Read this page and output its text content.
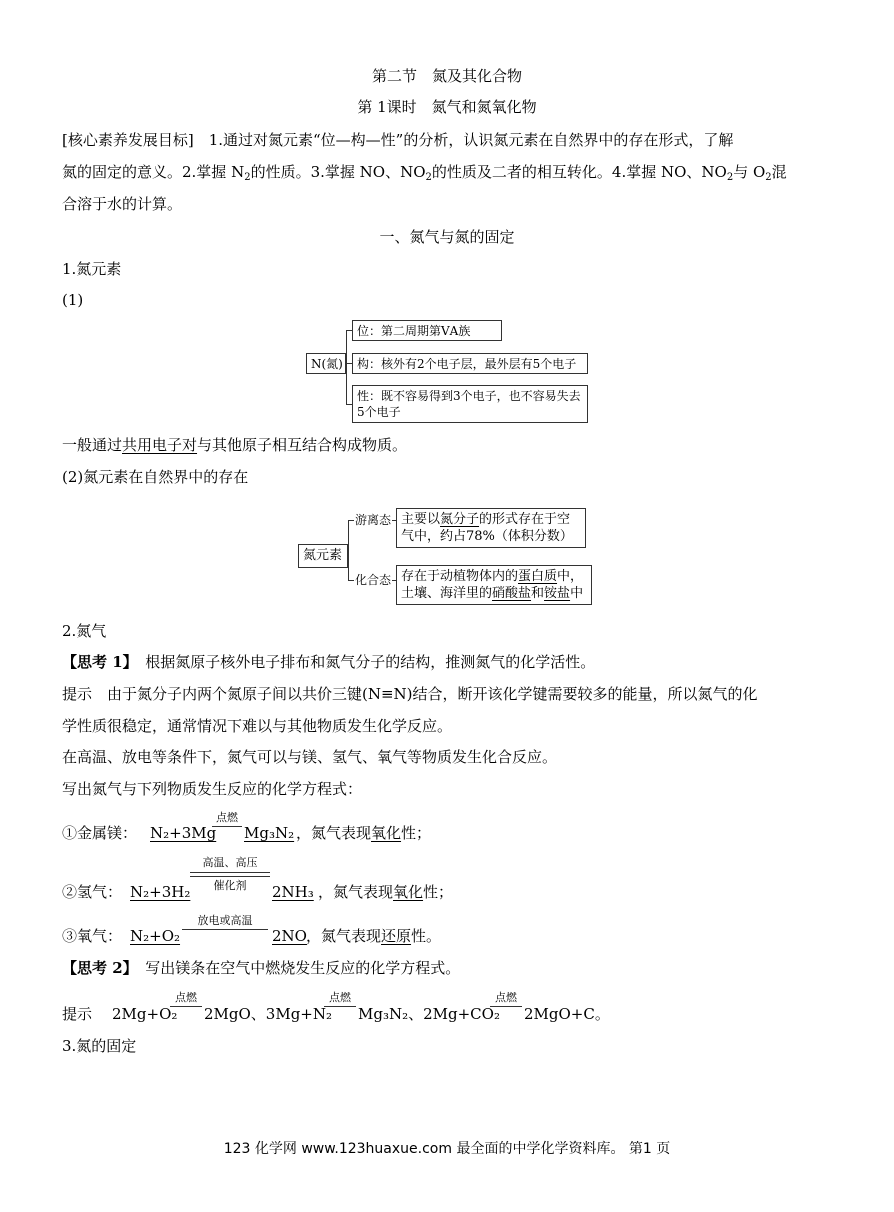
第二节　氮及其化合物
第 1课时　氮气和氮氧化物
[核心素养发展目标]　1.通过对氮元素“位—构—性”的分析，认识氮元素在自然界中的存在形式，了解
氮的固定的意义。2.掌握 $N_2$的性质。3.掌握 NO、$NO_2$的性质及二者的相互转化。4.掌握 NO、$NO_2$与 $O_2$混
合溶于水的计算。
一、氮气与氮的固定
1.氮元素
(1)
N(氮)
位：第二周期第ⅤA族
构：核外有2个电子层，最外层有5个电子
性：既不容易得到3个电子，也不容易失去
5个电子
一般通过共用电子对与其他原子相互结合构成物质。
(2)氮元素在自然界中的存在
氮元素
游离态
化合态
主要以氮分子的形式存在于空
气中，约占78%（体积分数）
存在于动植物体内的蛋白质中，
土壤、海洋里的硝酸盐和铵盐中
2.氮气
【思考 1】　 根据氮原子核外电子排布和氮气分子的结构，推测氮气的化学活性。
提示　由于氮分子内两个氮原子间以共价三键(N≡N)结合，断开该化学键需要较多的能量，所以氮气的化
学性质很稳定，通常情况下难以与其他物质发生化学反应。
在高温、放电等条件下，氮气可以与镁、氢气、氧气等物质发生化合反应。
写出氮气与下列物质发生反应的化学方程式：
①金属镁： N₂+3Mg
点燃
Mg₃N₂ ，氮气表现氧化性；
②氢气： N₂+3H₂
高温、高压
催化剂	2NH₃ ，氮气表现氧化性；
③氧气： N₂+O₂
放电或高温
2NO ，氮气表现还原性。
【思考 2】　 写出镁条在空气中燃烧发生反应的化学方程式。
提示 2Mg+O₂
点燃
2MgO、3Mg+N₂
点燃
Mg₃N₂、2Mg+CO₂
点燃
2MgO+C。
3.氮的固定
123 化学网 www.123huaxue.com 最全面的中学化学资料库。 第1 页
